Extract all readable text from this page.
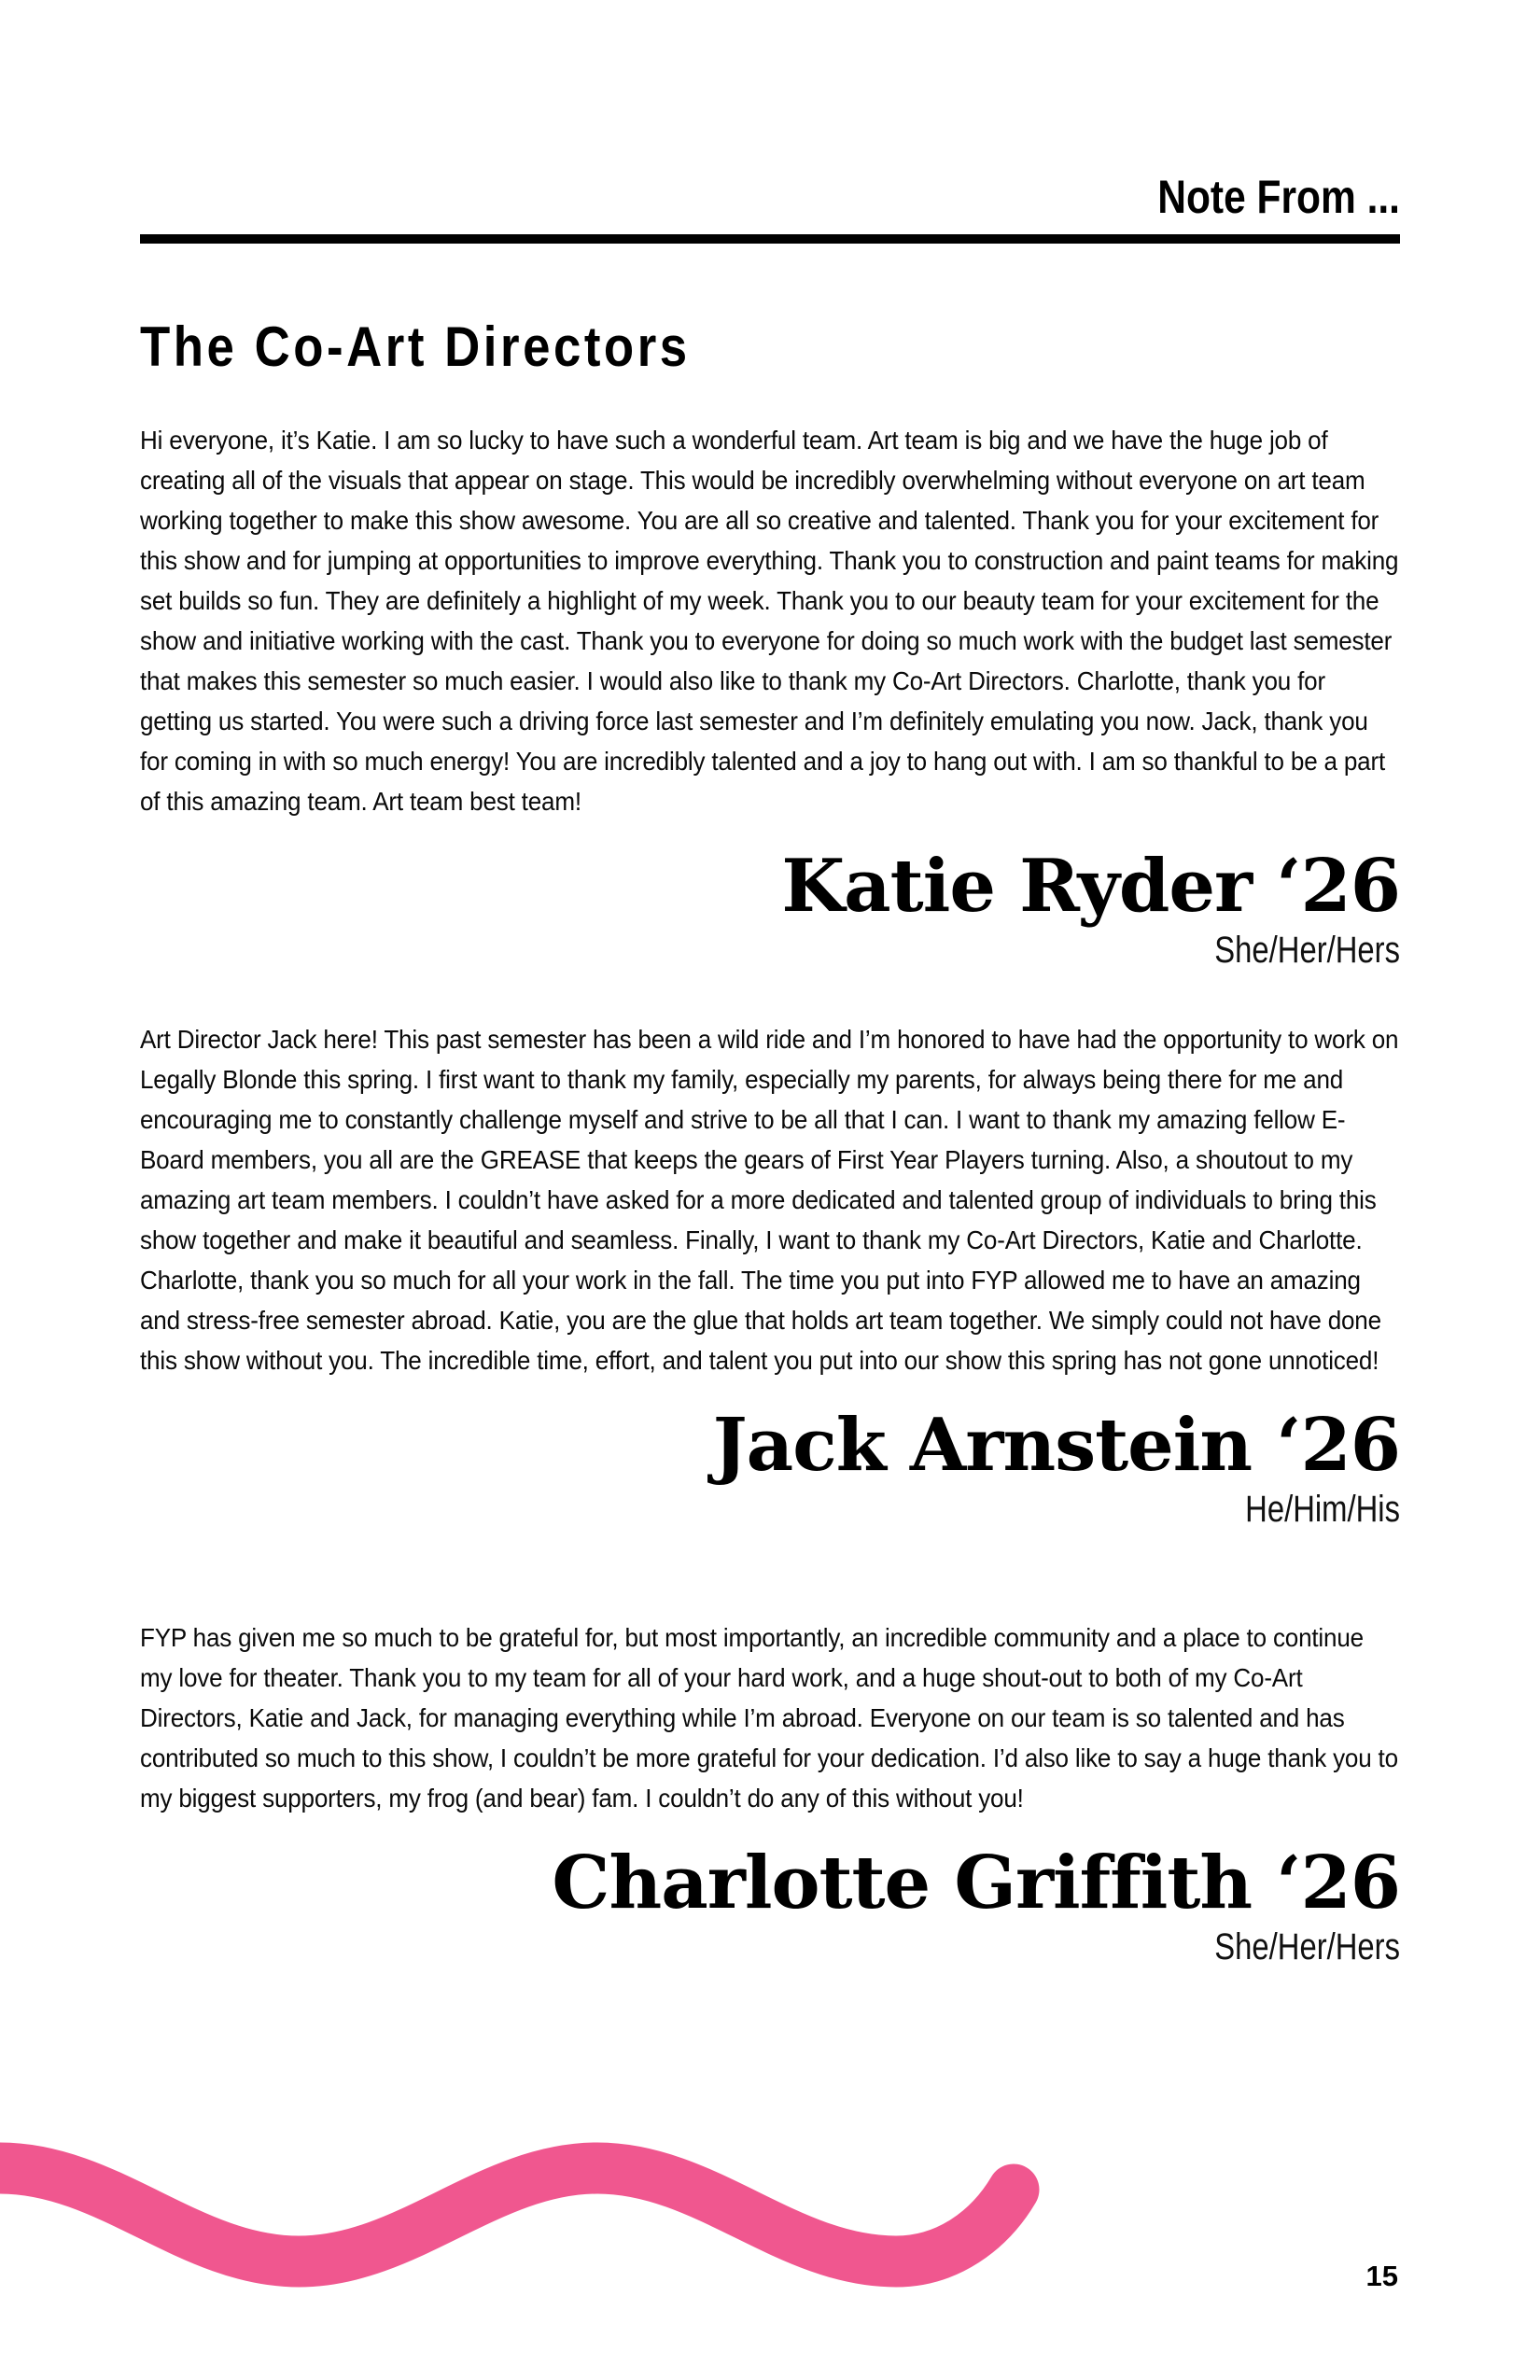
Note From ...
The Co-Art Directors

Hi everyone, it’s Katie. I am so lucky to have such a wonderful team. Art team is big and we have the huge job of creating all of the visuals that appear on stage. This would be incredibly overwhelming without everyone on art team working together to make this show awesome. You are all so creative and talented. Thank you for your excitement for this show and for jumping at opportunities to improve everything. Thank you to construction and paint teams for making set builds so fun. They are definitely a highlight of my week. Thank you to our beauty team for your excitement for the show and initiative working with the cast. Thank you to everyone for doing so much work with the budget last semester that makes this semester so much easier. I would also like to thank my Co-Art Directors. Charlotte, thank you for getting us started. You were such a driving force last semester and I’m definitely emulating you now. Jack, thank you for coming in with so much energy! You are incredibly talented and a joy to hang out with. I am so thankful to be a part of this amazing team. Art team best team!

Katie Ryder ‘26
She/Her/Hers

Art Director Jack here! This past semester has been a wild ride and I’m honored to have had the opportunity to work on Legally Blonde this spring. I first want to thank my family, especially my parents, for always being there for me and encouraging me to constantly challenge myself and strive to be all that I can. I want to thank my amazing fellow E-Board members, you all are the GREASE that keeps the gears of First Year Players turning. Also, a shoutout to my amazing art team members. I couldn’t have asked for a more dedicated and talented group of individuals to bring this show together and make it beautiful and seamless. Finally, I want to thank my Co-Art Directors, Katie and Charlotte. Charlotte, thank you so much for all your work in the fall. The time you put into FYP allowed me to have an amazing and stress-free semester abroad. Katie, you are the glue that holds art team together. We simply could not have done this show without you. The incredible time, effort, and talent you put into our show this spring has not gone unnoticed!

Jack Arnstein ‘26
He/Him/His

FYP has given me so much to be grateful for, but most importantly, an incredible community and a place to continue my love for theater. Thank you to my team for all of your hard work, and a huge shout-out to both of my Co-Art Directors, Katie and Jack, for managing everything while I’m abroad. Everyone on our team is so talented and has contributed so much to this show, I couldn’t be more grateful for your dedication. I’d also like to say a huge thank you to my biggest supporters, my frog (and bear) fam. I couldn’t do any of this without you!

Charlotte Griffith ‘26
She/Her/Hers
15
